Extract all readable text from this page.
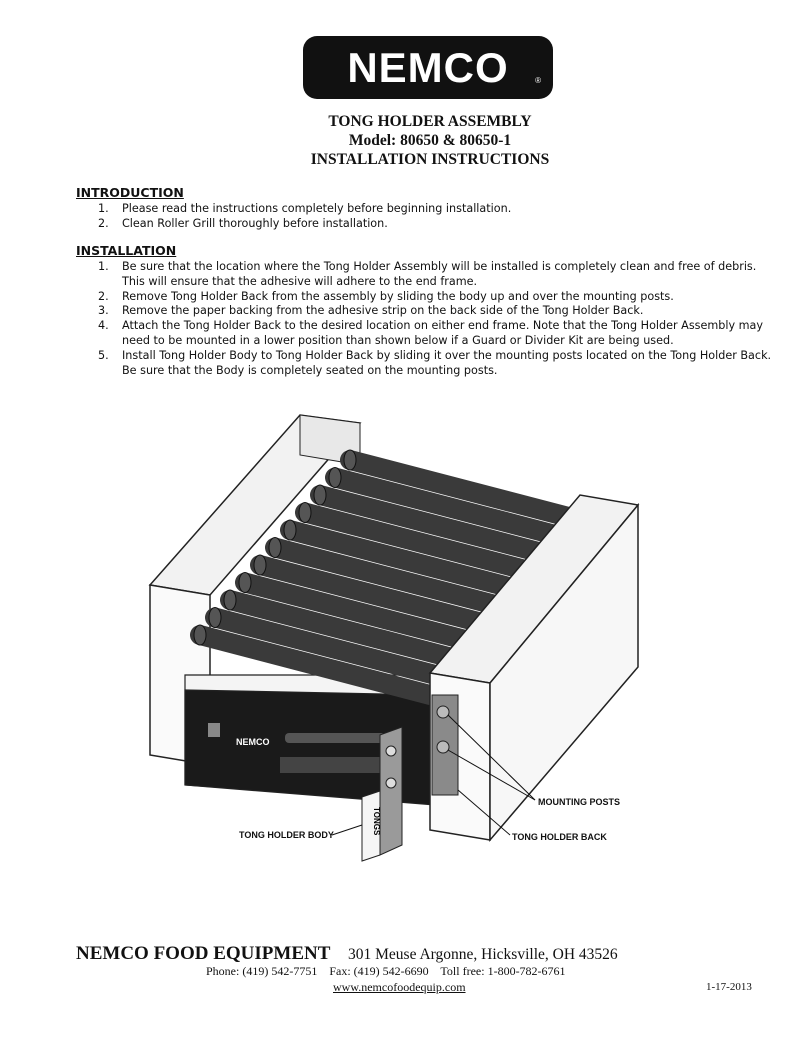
NEMCO	®
TONG HOLDER ASSEMBLY
Model: 80650 & 80650-1
INSTALLATION INSTRUCTIONS
INTRODUCTION
1. Please read the instructions completely before beginning installation.
2. Clean Roller Grill thoroughly before installation.
INSTALLATION
1. Be sure that the location where the Tong Holder Assembly will be installed is completely clean and free of debris. This will ensure that the adhesive will adhere to the end frame.
2. Remove Tong Holder Back from the assembly by sliding the body up and over the mounting posts.
3. Remove the paper backing from the adhesive strip on the back side of the Tong Holder Back.
4. Attach the Tong Holder Back to the desired location on either end frame. Note that the Tong Holder Assembly may need to be mounted in a lower position than shown below if a Guard or Divider Kit are being used.
5. Install Tong Holder Body to Tong Holder Back by sliding it over the mounting posts located on the Tong Holder Back. Be sure that the Body is completely seated on the mounting posts.
NEMCO
TONGS
MOUNTING POSTS
TONG HOLDER BACK
TONG HOLDER BODY
NEMCO FOOD EQUIPMENT 301 Meuse Argonne, Hicksville, OH 43526
Phone: (419) 542-7751    Fax: (419) 542-6690    Toll free: 1-800-782-6761
www.nemcofoodequip.com	1-17-2013
